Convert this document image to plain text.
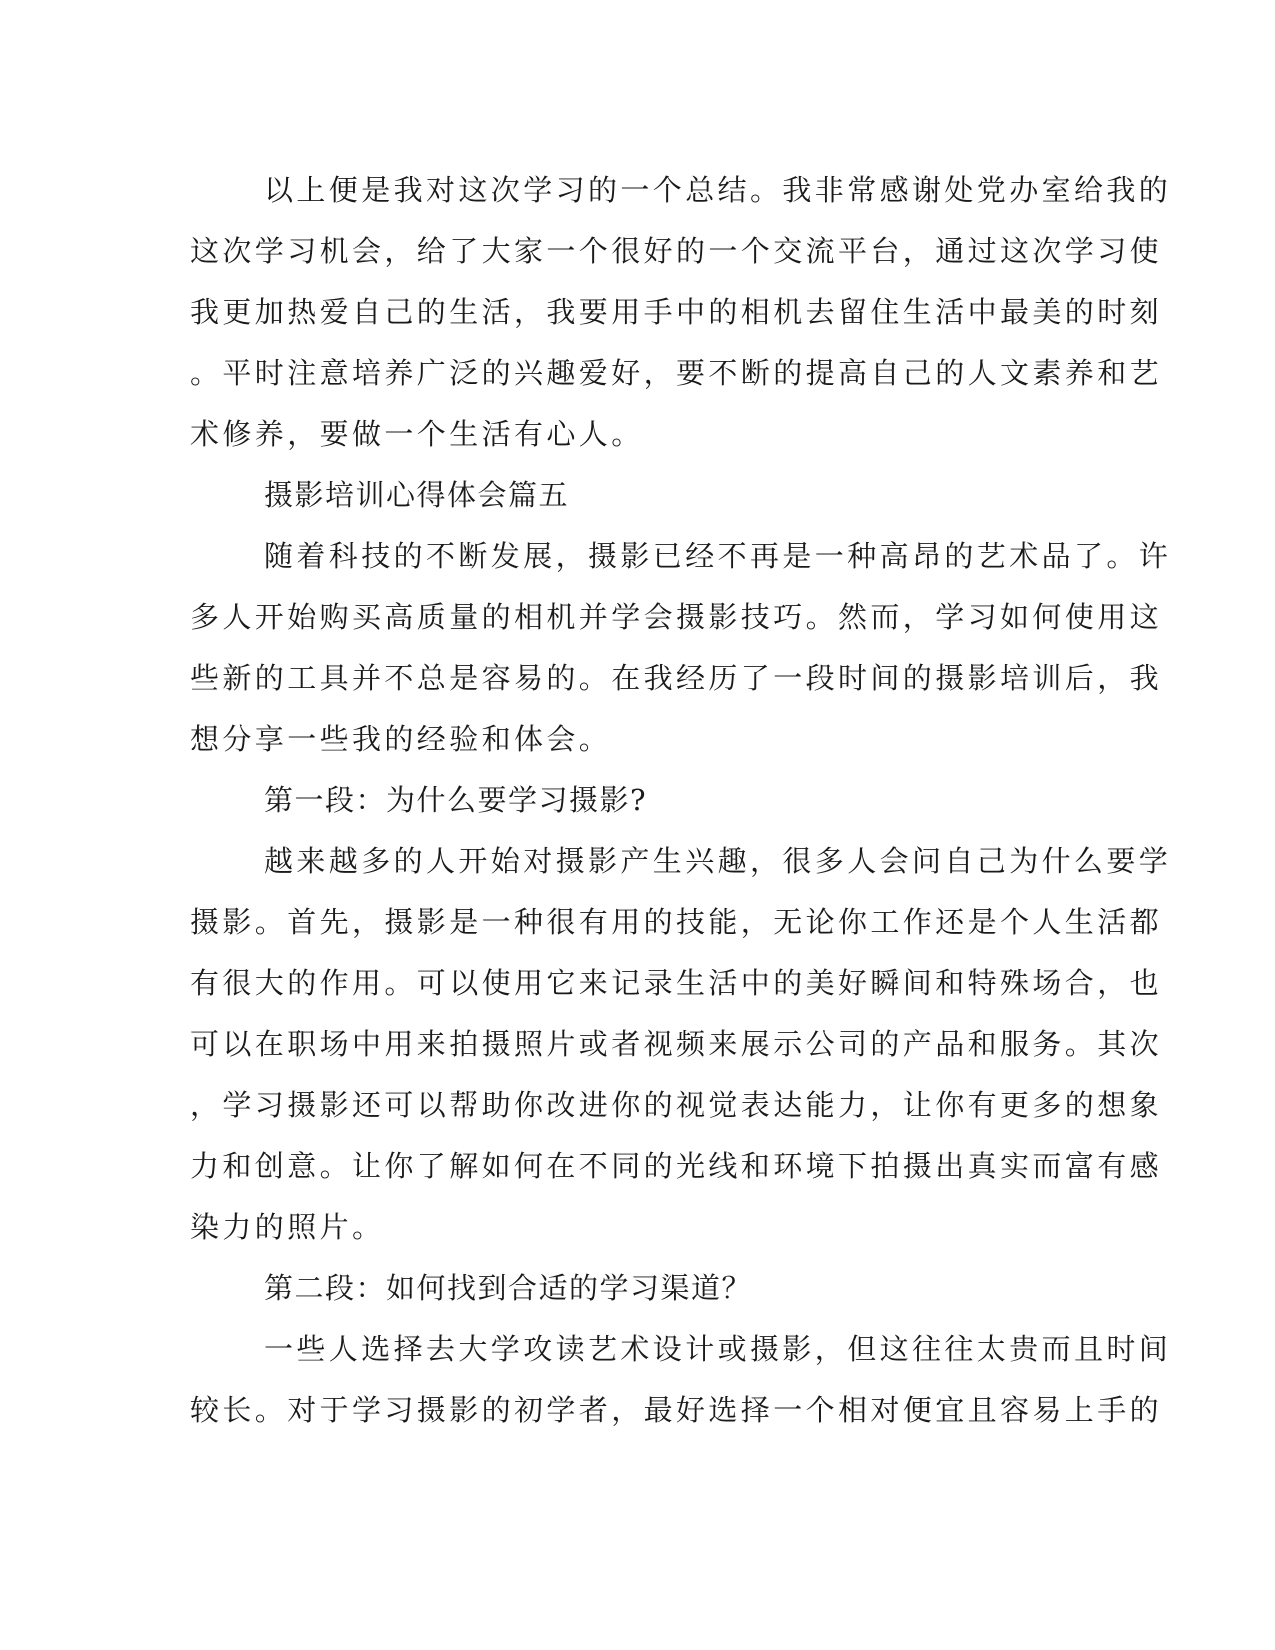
以上便是我对这次学习的一个总结。我非常感谢处党办室给我的
这次学习机会，给了大家一个很好的一个交流平台，通过这次学习使
我更加热爱自己的生活，我要用手中的相机去留住生活中最美的时刻
。平时注意培养广泛的兴趣爱好，要不断的提高自己的人文素养和艺
术修养，要做一个生活有心人。

摄影培训心得体会篇五

随着科技的不断发展，摄影已经不再是一种高昂的艺术品了。许
多人开始购买高质量的相机并学会摄影技巧。然而，学习如何使用这
些新的工具并不总是容易的。在我经历了一段时间的摄影培训后，我
想分享一些我的经验和体会。

第一段：为什么要学习摄影?

越来越多的人开始对摄影产生兴趣，很多人会问自己为什么要学
摄影。首先，摄影是一种很有用的技能，无论你工作还是个人生活都
有很大的作用。可以使用它来记录生活中的美好瞬间和特殊场合，也
可以在职场中用来拍摄照片或者视频来展示公司的产品和服务。其次
，学习摄影还可以帮助你改进你的视觉表达能力，让你有更多的想象
力和创意。让你了解如何在不同的光线和环境下拍摄出真实而富有感
染力的照片。

第二段：如何找到合适的学习渠道？

一些人选择去大学攻读艺术设计或摄影，但这往往太贵而且时间
较长。对于学习摄影的初学者，最好选择一个相对便宜且容易上手的
